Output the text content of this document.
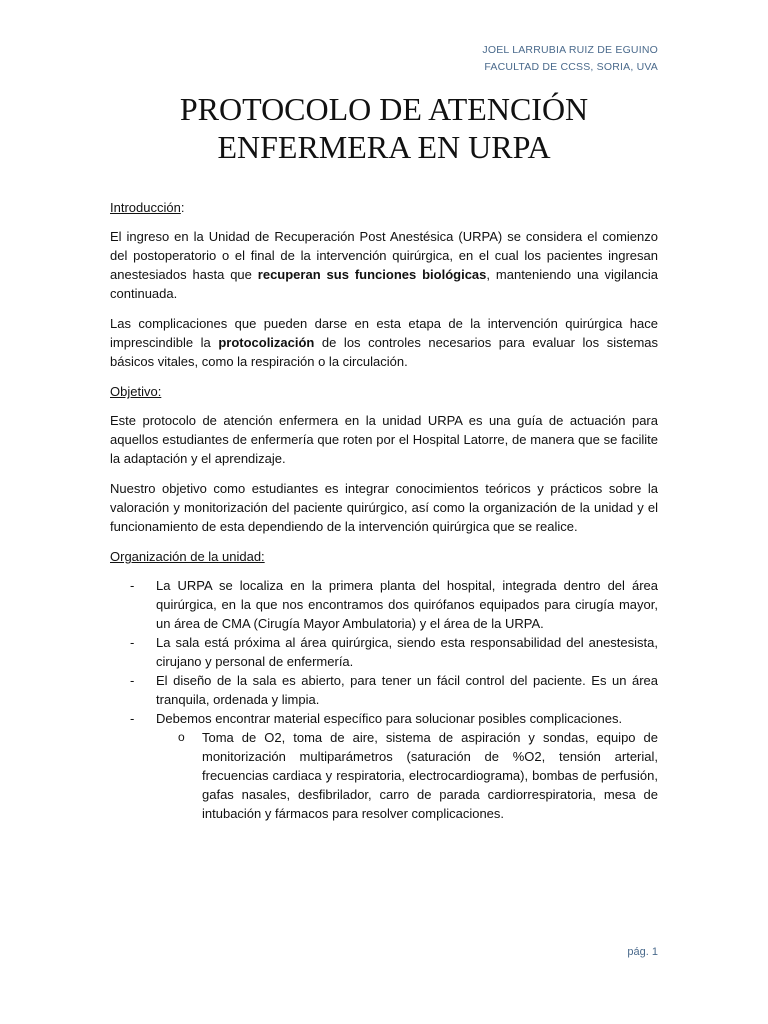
JOEL LARRUBIA RUIZ DE EGUINO
FACULTAD DE CCSS, SORIA, UVA
PROTOCOLO DE ATENCIÓN
ENFERMERA EN URPA

Introducción:

El ingreso en la Unidad de Recuperación Post Anestésica (URPA) se considera el comienzo del postoperatorio o el final de la intervención quirúrgica, en el cual los pacientes ingresan anestesiados hasta que recuperan sus funciones biológicas, manteniendo una vigilancia continuada.

Las complicaciones que pueden darse en esta etapa de la intervención quirúrgica hace imprescindible la protocolización de los controles necesarios para evaluar los sistemas básicos vitales, como la respiración o la circulación.

Objetivo:

Este protocolo de atención enfermera en la unidad URPA es una guía de actuación para aquellos estudiantes de enfermería que roten por el Hospital Latorre, de manera que se facilite la adaptación y el aprendizaje.

Nuestro objetivo como estudiantes es integrar conocimientos teóricos y prácticos sobre la valoración y monitorización del paciente quirúrgico, así como la organización de la unidad y el funcionamiento de esta dependiendo de la intervención quirúrgica que se realice.

Organización de la unidad:

- La URPA se localiza en la primera planta del hospital, integrada dentro del área quirúrgica, en la que nos encontramos dos quirófanos equipados para cirugía mayor, un área de CMA (Cirugía Mayor Ambulatoria) y el área de la URPA.
- La sala está próxima al área quirúrgica, siendo esta responsabilidad del anestesista, cirujano y personal de enfermería.
- El diseño de la sala es abierto, para tener un fácil control del paciente. Es un área tranquila, ordenada y limpia.
- Debemos encontrar material específico para solucionar posibles complicaciones.
o Toma de O2, toma de aire, sistema de aspiración y sondas, equipo de monitorización multiparámetros (saturación de %O2, tensión arterial, frecuencias cardiaca y respiratoria, electrocardiograma), bombas de perfusión, gafas nasales, desfibrilador, carro de parada cardiorrespiratoria, mesa de intubación y fármacos para resolver complicaciones.
pág. 1
